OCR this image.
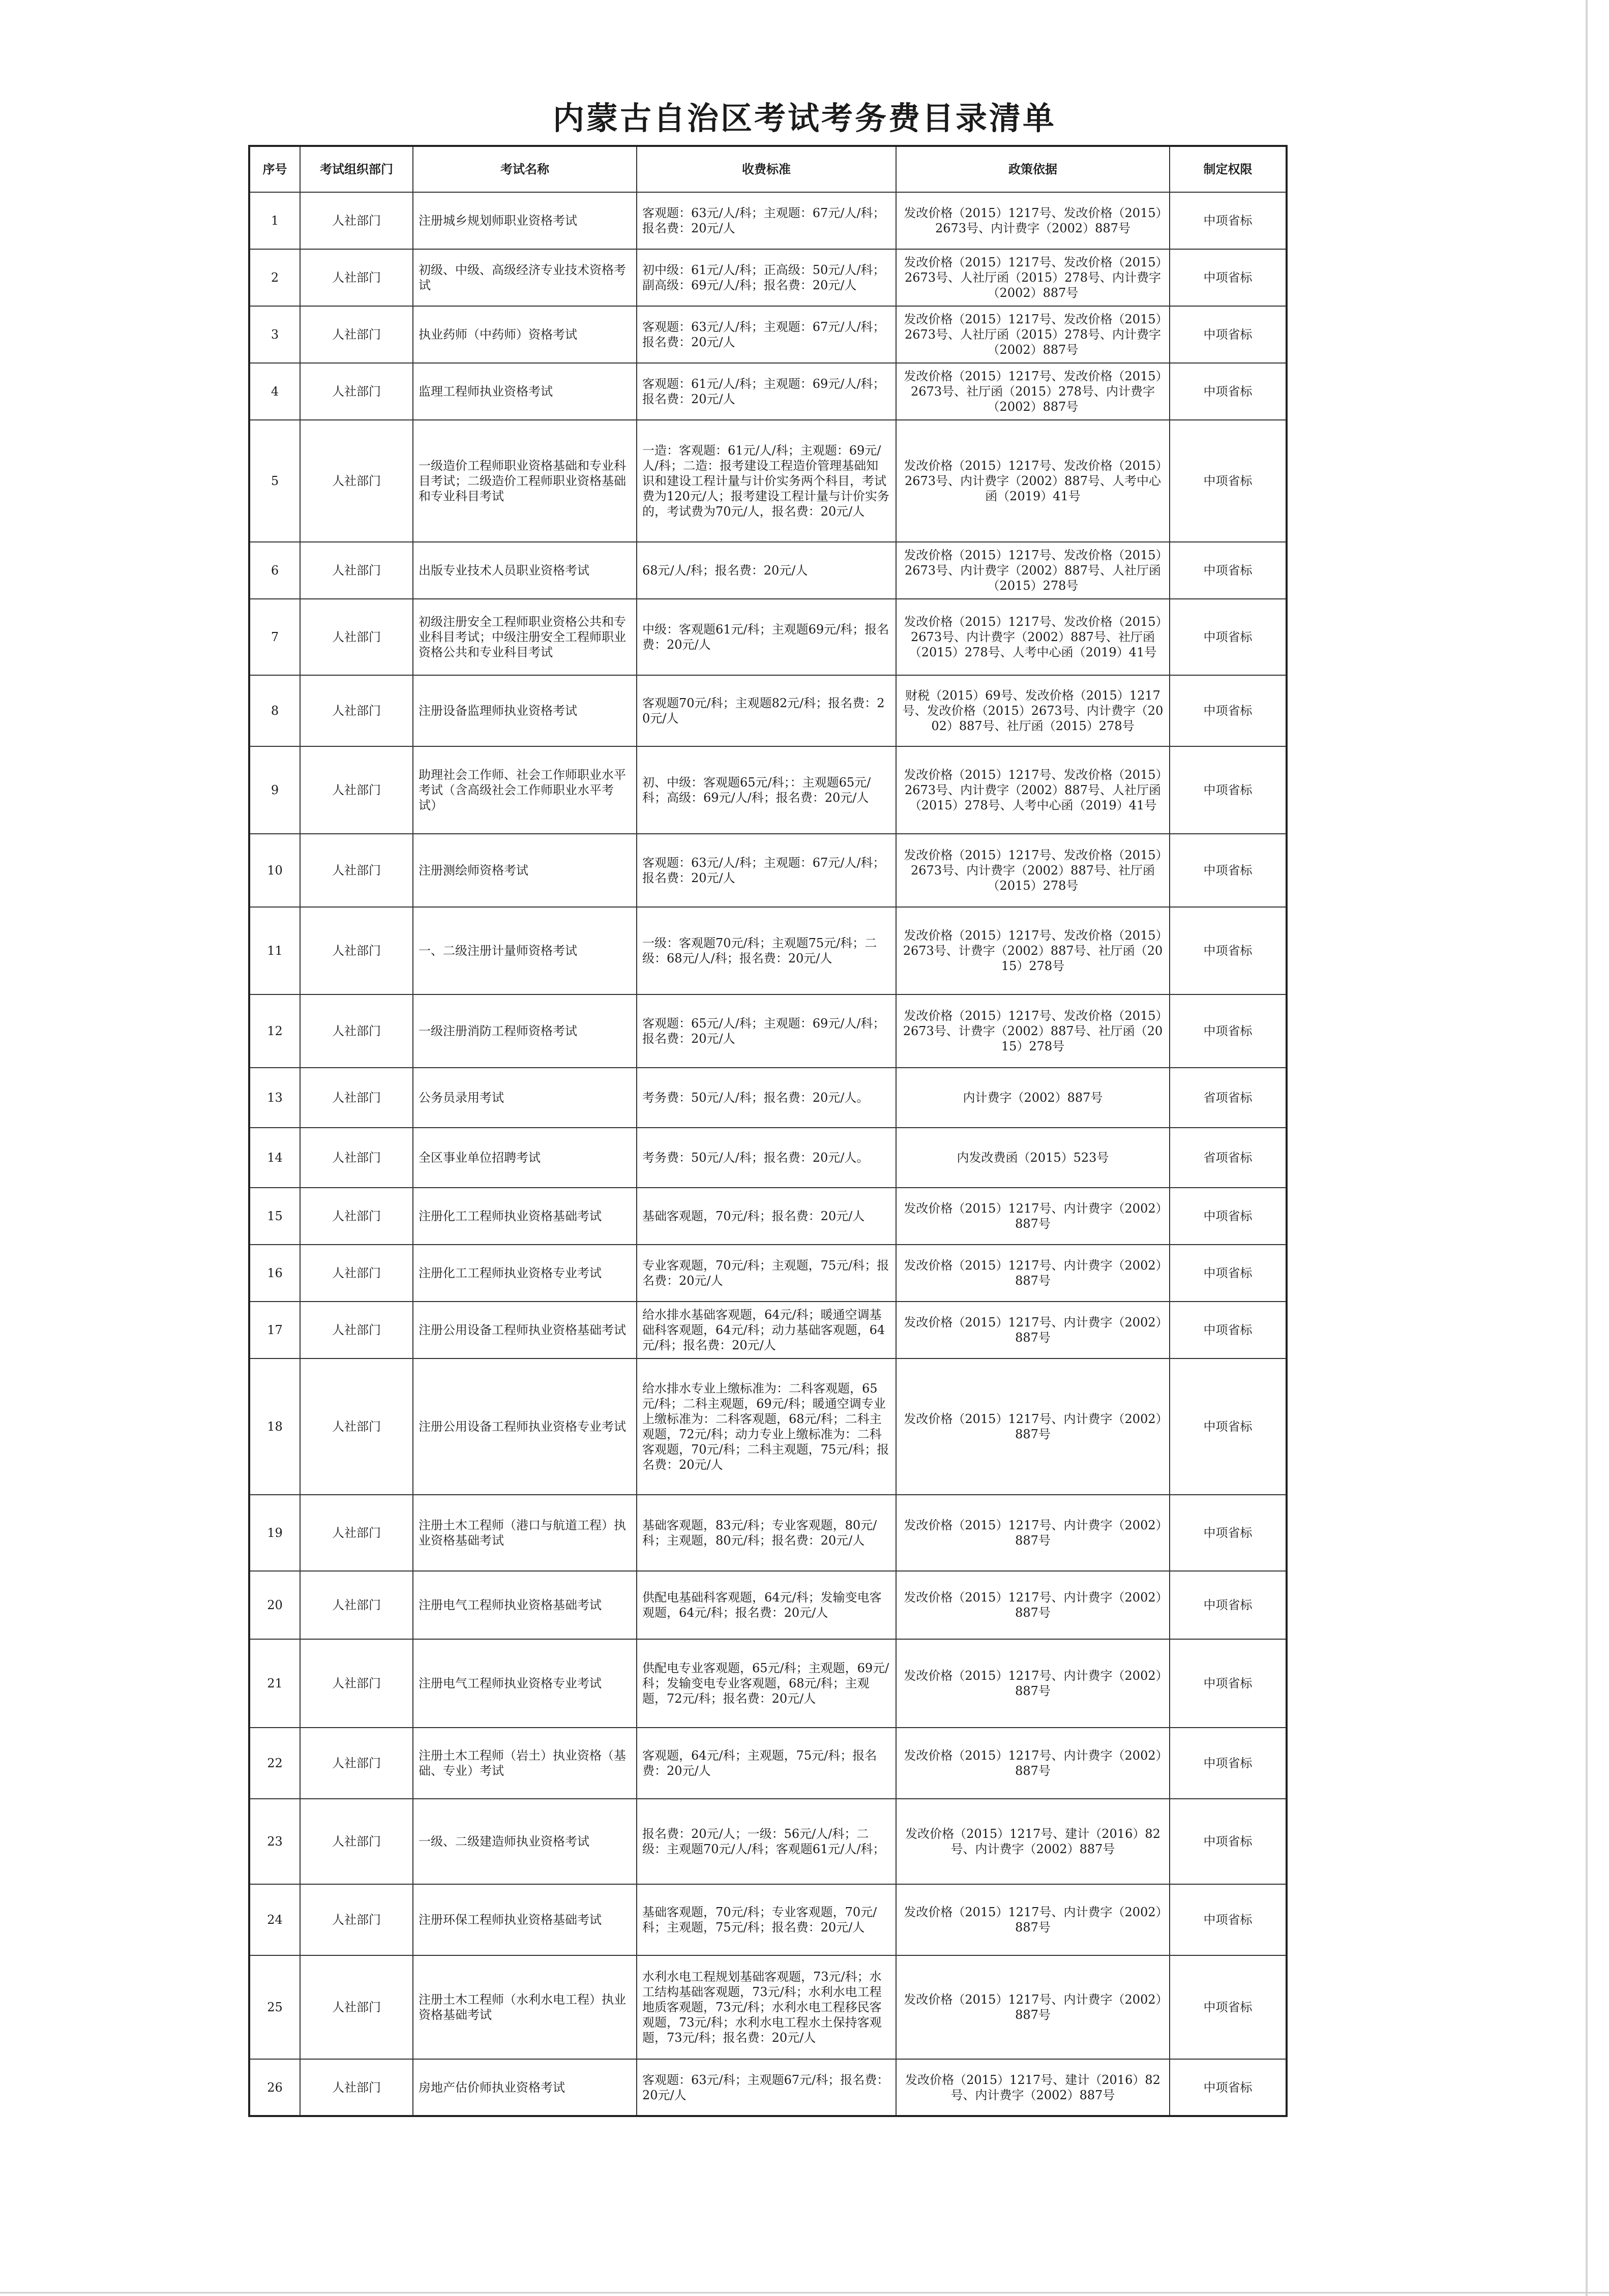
内蒙古自治区考试考务费目录清单
序号	考试组织部门	考试名称	收费标准	政策依据	制定权限
1	人社部门	注册城乡规划师职业资格考试	客观题：63元/人/科；主观题：67元/人/科；报名费：20元/人	发改价格（2015）1217号、发改价格（2015）2673号、内计费字（2002）887号	中项省标
2	人社部门	初级、中级、高级经济专业技术资格考试	初中级：61元/人/科；正高级：50元/人/科；副高级：69元/人/科；报名费：20元/人	发改价格（2015）1217号、发改价格（2015）2673号、人社厅函（2015）278号、内计费字（2002）887号	中项省标
3	人社部门	执业药师（中药师）资格考试	客观题：63元/人/科；主观题：67元/人/科；报名费：20元/人	发改价格（2015）1217号、发改价格（2015）2673号、人社厅函（2015）278号、内计费字（2002）887号	中项省标
4	人社部门	监理工程师执业资格考试	客观题：61元/人/科；主观题：69元/人/科；报名费：20元/人	发改价格（2015）1217号、发改价格（2015）2673号、社厅函（2015）278号、内计费字（2002）887号	中项省标
5	人社部门	一级造价工程师职业资格基础和专业科目考试；二级造价工程师职业资格基础和专业科目考试	一造：客观题：61元/人/科；主观题：69元/人/科；二造：报考建设工程造价管理基础知识和建设工程计量与计价实务两个科目，考试费为120元/人；报考建设工程计量与计价实务的，考试费为70元/人，报名费：20元/人	发改价格（2015）1217号、发改价格（2015）2673号、内计费字（2002）887号、人考中心函（2019）41号	中项省标
6	人社部门	出版专业技术人员职业资格考试	68元/人/科；报名费：20元/人	发改价格（2015）1217号、发改价格（2015）2673号、内计费字（2002）887号、人社厅函（2015）278号	中项省标
7	人社部门	初级注册安全工程师职业资格公共和专业科目考试；中级注册安全工程师职业资格公共和专业科目考试	中级：客观题61元/科；主观题69元/科；报名费：20元/人	发改价格（2015）1217号、发改价格（2015）2673号、内计费字（2002）887号、社厅函（2015）278号、人考中心函（2019）41号	中项省标
8	人社部门	注册设备监理师执业资格考试	客观题70元/科；主观题82元/科；报名费：20元/人	财税（2015）69号、发改价格（2015）1217号、发改价格（2015）2673号、内计费字（2002）887号、社厅函（2015）278号	中项省标
9	人社部门	助理社会工作师、社会工作师职业水平考试（含高级社会工作师职业水平考试）	初、中级：客观题65元/科；：主观题65元/科；高级：69元/人/科；报名费：20元/人	发改价格（2015）1217号、发改价格（2015）2673号、内计费字（2002）887号、人社厅函（2015）278号、人考中心函（2019）41号	中项省标
10	人社部门	注册测绘师资格考试	客观题：63元/人/科；主观题：67元/人/科；报名费：20元/人	发改价格（2015）1217号、发改价格（2015）2673号、内计费字（2002）887号、社厅函（2015）278号	中项省标
11	人社部门	一、二级注册计量师资格考试	一级：客观题70元/科；主观题75元/科；二级：68元/人/科；报名费：20元/人	发改价格（2015）1217号、发改价格（2015）2673号、计费字（2002）887号、社厅函（2015）278号	中项省标
12	人社部门	一级注册消防工程师资格考试	客观题：65元/人/科；主观题：69元/人/科；报名费：20元/人	发改价格（2015）1217号、发改价格（2015）2673号、计费字（2002）887号、社厅函（2015）278号	中项省标
13	人社部门	公务员录用考试	考务费：50元/人/科；报名费：20元/人。	内计费字（2002）887号	省项省标
14	人社部门	全区事业单位招聘考试	考务费：50元/人/科；报名费：20元/人。	内发改费函（2015）523号	省项省标
15	人社部门	注册化工工程师执业资格基础考试	基础客观题，70元/科；报名费：20元/人	发改价格（2015）1217号、内计费字（2002）887号	中项省标
16	人社部门	注册化工工程师执业资格专业考试	专业客观题，70元/科；主观题，75元/科；报名费：20元/人	发改价格（2015）1217号、内计费字（2002）887号	中项省标
17	人社部门	注册公用设备工程师执业资格基础考试	给水排水基础客观题，64元/科；暖通空调基础科客观题，64元/科；动力基础客观题，64元/科；报名费：20元/人	发改价格（2015）1217号、内计费字（2002）887号	中项省标
18	人社部门	注册公用设备工程师执业资格专业考试	给水排水专业上缴标准为：二科客观题，65元/科；二科主观题，69元/科；暖通空调专业上缴标准为：二科客观题，68元/科；二科主观题，72元/科；动力专业上缴标准为：二科客观题，70元/科；二科主观题，75元/科；报名费：20元/人	发改价格（2015）1217号、内计费字（2002）887号	中项省标
19	人社部门	注册土木工程师（港口与航道工程）执业资格基础考试	基础客观题，83元/科；专业客观题，80元/科；主观题，80元/科；报名费：20元/人	发改价格（2015）1217号、内计费字（2002）887号	中项省标
20	人社部门	注册电气工程师执业资格基础考试	供配电基础科客观题，64元/科；发输变电客观题，64元/科；报名费：20元/人	发改价格（2015）1217号、内计费字（2002）887号	中项省标
21	人社部门	注册电气工程师执业资格专业考试	供配电专业客观题，65元/科；主观题，69元/科；发输变电专业客观题，68元/科；主观题，72元/科；报名费：20元/人	发改价格（2015）1217号、内计费字（2002）887号	中项省标
22	人社部门	注册土木工程师（岩土）执业资格（基础、专业）考试	客观题，64元/科；主观题，75元/科；报名费：20元/人	发改价格（2015）1217号、内计费字（2002）887号	中项省标
23	人社部门	一级、二级建造师执业资格考试	报名费：20元/人；一级：56元/人/科；二级：主观题70元/人/科；客观题61元/人/科；	发改价格（2015）1217号、建计（2016）82号、内计费字（2002）887号	中项省标
24	人社部门	注册环保工程师执业资格基础考试	基础客观题，70元/科；专业客观题，70元/科；主观题，75元/科；报名费：20元/人	发改价格（2015）1217号、内计费字（2002）887号	中项省标
25	人社部门	注册土木工程师（水利水电工程）执业资格基础考试	水利水电工程规划基础客观题，73元/科；水工结构基础客观题，73元/科；水利水电工程地质客观题，73元/科；水利水电工程移民客观题，73元/科；水利水电工程水土保持客观题，73元/科；报名费：20元/人	发改价格（2015）1217号、内计费字（2002）887号	中项省标
26	人社部门	房地产估价师执业资格考试	客观题：63元/科；主观题67元/科；报名费：20元/人	发改价格（2015）1217号、建计（2016）82号、内计费字（2002）887号	中项省标
